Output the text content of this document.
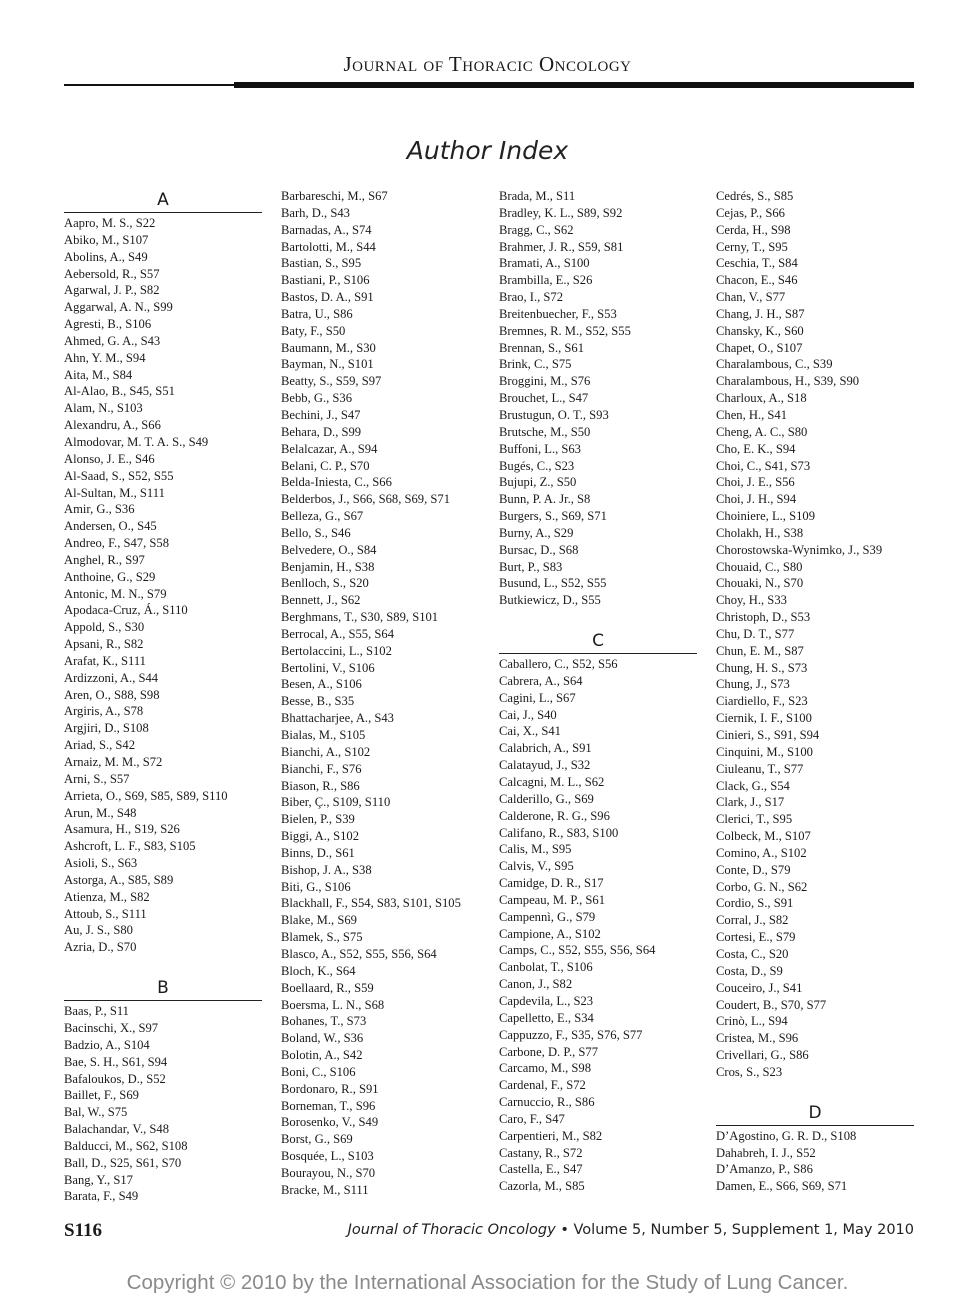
Journal of Thoracic Oncology
Author Index
A
Aapro, M. S., S22
Abiko, M., S107
Abolins, A., S49
Aebersold, R., S57
Agarwal, J. P., S82
Aggarwal, A. N., S99
Agresti, B., S106
Ahmed, G. A., S43
Ahn, Y. M., S94
Aita, M., S84
Al-Alao, B., S45, S51
Alam, N., S103
Alexandru, A., S66
Almodovar, M. T. A. S., S49
Alonso, J. E., S46
Al-Saad, S., S52, S55
Al-Sultan, M., S111
Amir, G., S36
Andersen, O., S45
Andreo, F., S47, S58
Anghel, R., S97
Anthoine, G., S29
Antonic, M. N., S79
Apodaca-Cruz, Á., S110
Appold, S., S30
Apsani, R., S82
Arafat, K., S111
Ardizzoni, A., S44
Aren, O., S88, S98
Argiris, A., S78
Argjiri, D., S108
Ariad, S., S42
Arnaiz, M. M., S72
Arni, S., S57
Arrieta, O., S69, S85, S89, S110
Arun, M., S48
Asamura, H., S19, S26
Ashcroft, L. F., S83, S105
Asioli, S., S63
Astorga, A., S85, S89
Atienza, M., S82
Attoub, S., S111
Au, J. S., S80
Azria, D., S70
B
Baas, P., S11
Bacinschi, X., S97
Badzio, A., S104
Bae, S. H., S61, S94
Bafaloukos, D., S52
Baillet, F., S69
Bal, W., S75
Balachandar, V., S48
Balducci, M., S62, S108
Ball, D., S25, S61, S70
Bang, Y., S17
Barata, F., S49
Barbareschi, M., S67
Barh, D., S43
Barnadas, A., S74
Bartolotti, M., S44
Bastian, S., S95
Bastiani, P., S106
Bastos, D. A., S91
Batra, U., S86
Baty, F., S50
Baumann, M., S30
Bayman, N., S101
Beatty, S., S59, S97
Bebb, G., S36
Bechini, J., S47
Behara, D., S99
Belalcazar, A., S94
Belani, C. P., S70
Belda-Iniesta, C., S66
Belderbos, J., S66, S68, S69, S71
Belleza, G., S67
Bello, S., S46
Belvedere, O., S84
Benjamin, H., S38
Benlloch, S., S20
Bennett, J., S62
Berghmans, T., S30, S89, S101
Berrocal, A., S55, S64
Bertolaccini, L., S102
Bertolini, V., S106
Besen, A., S106
Besse, B., S35
Bhattacharjee, A., S43
Bialas, M., S105
Bianchi, A., S102
Bianchi, F., S76
Biason, R., S86
Biber, Ç., S109, S110
Bielen, P., S39
Biggi, A., S102
Binns, D., S61
Bishop, J. A., S38
Biti, G., S106
Blackhall, F., S54, S83, S101, S105
Blake, M., S69
Blamek, S., S75
Blasco, A., S52, S55, S56, S64
Bloch, K., S64
Boellaard, R., S59
Boersma, L. N., S68
Bohanes, T., S73
Boland, W., S36
Bolotin, A., S42
Boni, C., S106
Bordonaro, R., S91
Borneman, T., S96
Borosenko, V., S49
Borst, G., S69
Bosquée, L., S103
Bourayou, N., S70
Bracke, M., S111
Brada, M., S11
Bradley, K. L., S89, S92
Bragg, C., S62
Brahmer, J. R., S59, S81
Bramati, A., S100
Brambilla, E., S26
Brao, I., S72
Breitenbuecher, F., S53
Bremnes, R. M., S52, S55
Brennan, S., S61
Brink, C., S75
Broggini, M., S76
Brouchet, L., S47
Brustugun, O. T., S93
Brutsche, M., S50
Buffoni, L., S63
Bugés, C., S23
Bujupi, Z., S50
Bunn, P. A. Jr., S8
Burgers, S., S69, S71
Burny, A., S29
Bursac, D., S68
Burt, P., S83
Busund, L., S52, S55
Butkiewicz, D., S55
C
Caballero, C., S52, S56
Cabrera, A., S64
Cagini, L., S67
Cai, J., S40
Cai, X., S41
Calabrich, A., S91
Calatayud, J., S32
Calcagni, M. L., S62
Calderillo, G., S69
Calderone, R. G., S96
Califano, R., S83, S100
Calis, M., S95
Calvis, V., S95
Camidge, D. R., S17
Campeau, M. P., S61
Campennì, G., S79
Campione, A., S102
Camps, C., S52, S55, S56, S64
Canbolat, T., S106
Canon, J., S82
Capdevila, L., S23
Capelletto, E., S34
Cappuzzo, F., S35, S76, S77
Carbone, D. P., S77
Carcamo, M., S98
Cardenal, F., S72
Carnuccio, R., S86
Caro, F., S47
Carpentieri, M., S82
Castany, R., S72
Castella, E., S47
Cazorla, M., S85
Cedrés, S., S85
Cejas, P., S66
Cerda, H., S98
Cerny, T., S95
Ceschia, T., S84
Chacon, E., S46
Chan, V., S77
Chang, J. H., S87
Chansky, K., S60
Chapet, O., S107
Charalambous, C., S39
Charalambous, H., S39, S90
Charloux, A., S18
Chen, H., S41
Cheng, A. C., S80
Cho, E. K., S94
Choi, C., S41, S73
Choi, J. E., S56
Choi, J. H., S94
Choiniere, L., S109
Cholakh, H., S38
Chorostowska-Wynimko, J., S39
Chouaid, C., S80
Chouaki, N., S70
Choy, H., S33
Christoph, D., S53
Chu, D. T., S77
Chun, E. M., S87
Chung, H. S., S73
Chung, J., S73
Ciardiello, F., S23
Ciernik, I. F., S100
Cinieri, S., S91, S94
Cinquini, M., S100
Ciuleanu, T., S77
Clack, G., S54
Clark, J., S17
Clerici, T., S95
Colbeck, M., S107
Comino, A., S102
Conte, D., S79
Corbo, G. N., S62
Cordio, S., S91
Corral, J., S82
Cortesi, E., S79
Costa, C., S20
Costa, D., S9
Couceiro, J., S41
Coudert, B., S70, S77
Crinò, L., S94
Cristea, M., S96
Crivellari, G., S86
Cros, S., S23
D
D’Agostino, G. R. D., S108
Dahabreh, I. J., S52
D’Amanzo, P., S86
Damen, E., S66, S69, S71
S116	Journal of Thoracic Oncology • Volume 5, Number 5, Supplement 1, May 2010
Copyright © 2010 by the International Association for the Study of Lung Cancer.
